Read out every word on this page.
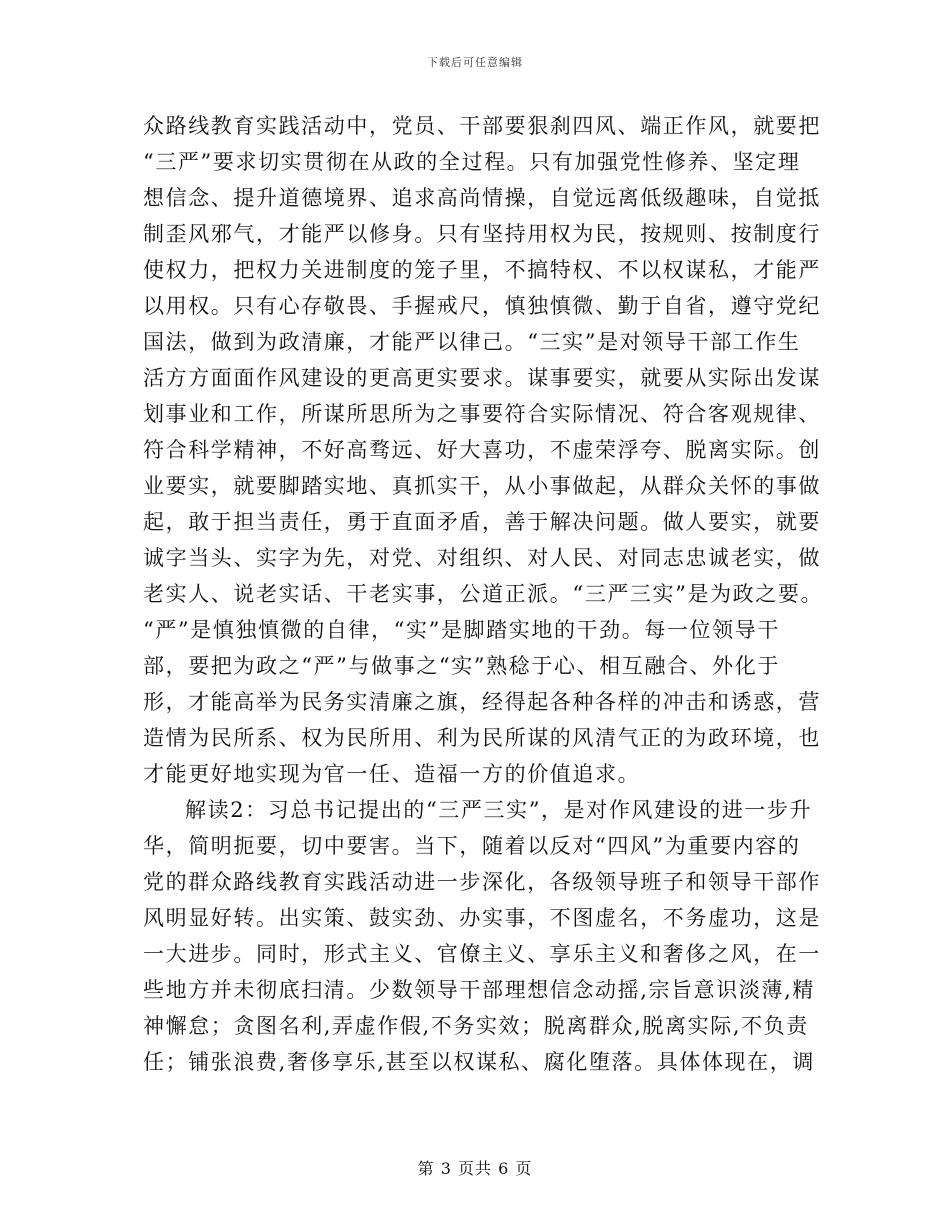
下载后可任意编辑
众路线教育实践活动中，党员、干部要狠刹四风、端正作风，就要把
“三严”要求切实贯彻在从政的全过程。只有加强党性修养、坚定理
想信念、提升道德境界、追求高尚情操，自觉远离低级趣味，自觉抵
制歪风邪气，才能严以修身。只有坚持用权为民，按规则、按制度行
使权力，把权力关进制度的笼子里，不搞特权、不以权谋私，才能严
以用权。只有心存敬畏、手握戒尺，慎独慎微、勤于自省，遵守党纪
国法，做到为政清廉，才能严以律己。“三实”是对领导干部工作生
活方方面面作风建设的更高更实要求。谋事要实，就要从实际出发谋
划事业和工作，所谋所思所为之事要符合实际情况、符合客观规律、
符合科学精神，不好高骛远、好大喜功，不虚荣浮夸、脱离实际。创
业要实，就要脚踏实地、真抓实干，从小事做起，从群众关怀的事做
起，敢于担当责任，勇于直面矛盾，善于解决问题。做人要实，就要
诚字当头、实字为先，对党、对组织、对人民、对同志忠诚老实，做
老实人、说老实话、干老实事，公道正派。“三严三实”是为政之要。
“严”是慎独慎微的自律，“实”是脚踏实地的干劲。每一位领导干
部，要把为政之“严”与做事之“实”熟稔于心、相互融合、外化于
形，才能高举为民务实清廉之旗，经得起各种各样的冲击和诱惑，营
造情为民所系、权为民所用、利为民所谋的风清气正的为政环境，也
才能更好地实现为官一任、造福一方的价值追求。
解读2：习总书记提出的“三严三实”，是对作风建设的进一步升
华，简明扼要，切中要害。当下，随着以反对“四风”为重要内容的
党的群众路线教育实践活动进一步深化，各级领导班子和领导干部作
风明显好转。出实策、鼓实劲、办实事，不图虚名，不务虚功，这是
一大进步。同时，形式主义、官僚主义、享乐主义和奢侈之风，在一
些地方并未彻底扫清。少数领导干部理想信念动摇,宗旨意识淡薄,精
神懈怠；贪图名利,弄虚作假,不务实效；脱离群众,脱离实际,不负责
任；铺张浪费,奢侈享乐,甚至以权谋私、腐化堕落。具体体现在，调
第 3 页共 6 页
